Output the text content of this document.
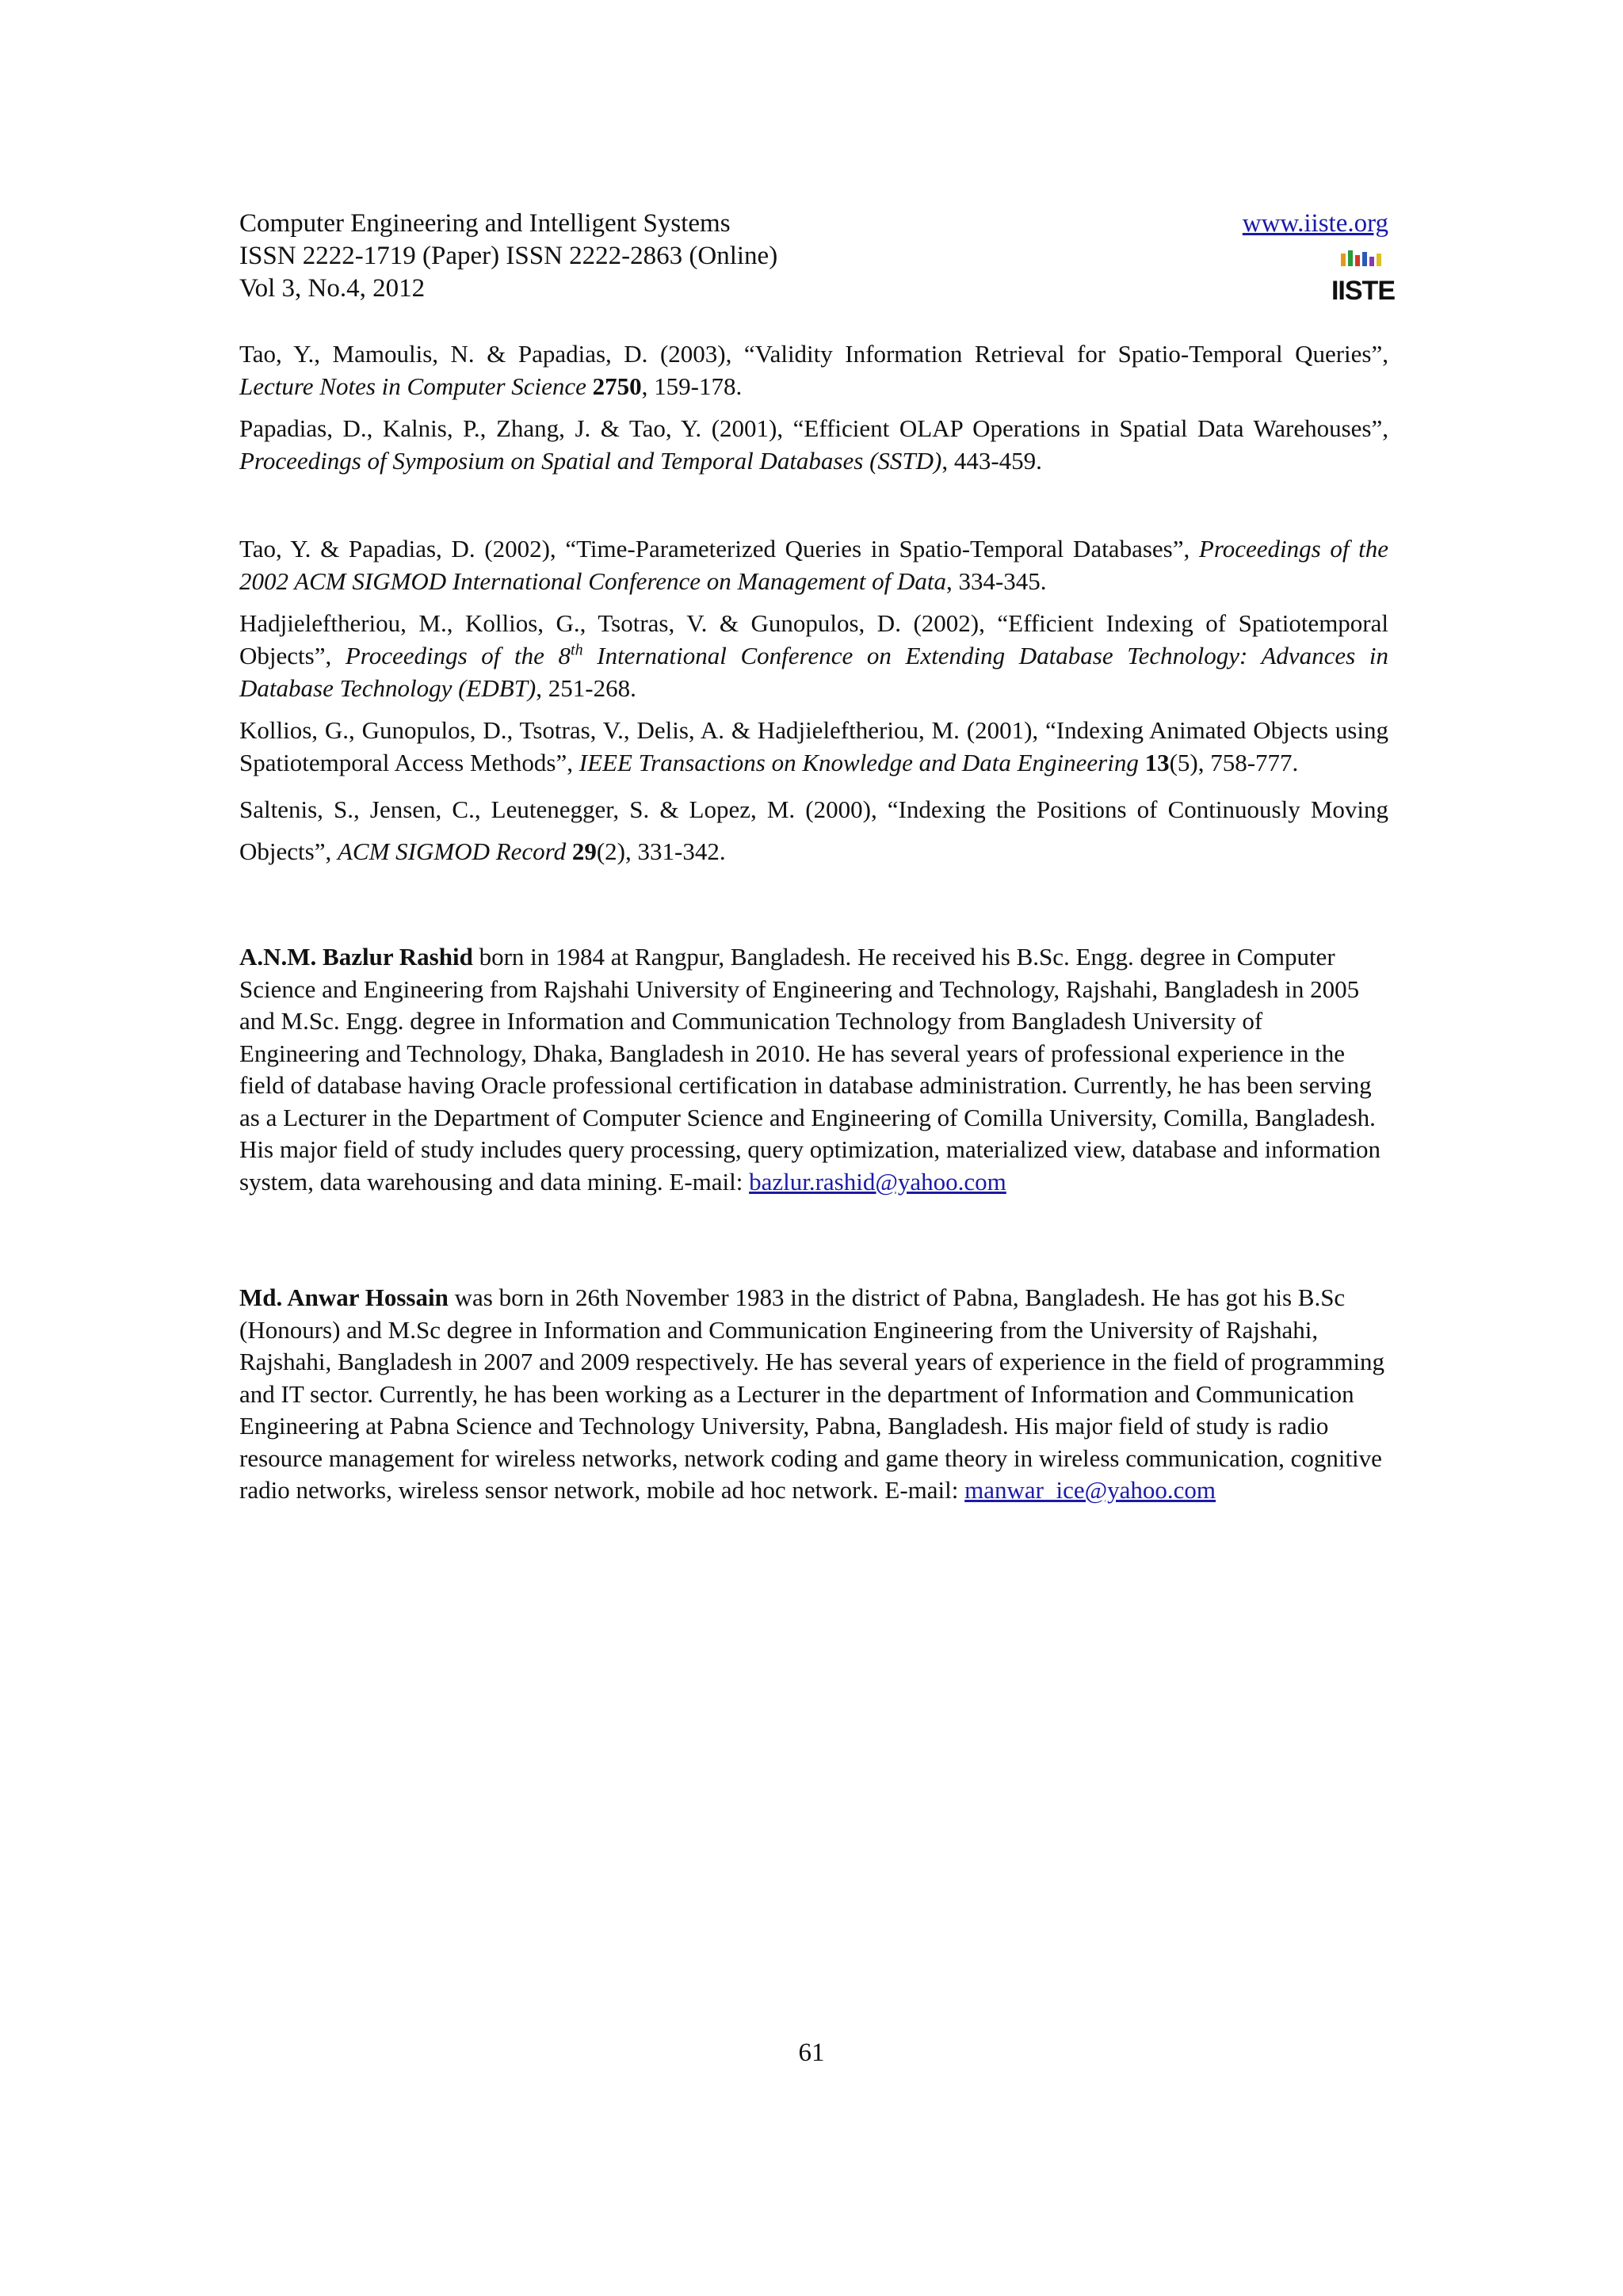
Computer Engineering and Intelligent Systems
ISSN 2222-1719 (Paper) ISSN 2222-2863 (Online)
Vol 3, No.4, 2012
www.iiste.org
IISTE

Tao, Y., Mamoulis, N. & Papadias, D. (2003), “Validity Information Retrieval for Spatio-Temporal Queries”, Lecture Notes in Computer Science 2750, 159-178.

Papadias, D., Kalnis, P., Zhang, J. & Tao, Y. (2001), “Efficient OLAP Operations in Spatial Data Warehouses”, Proceedings of Symposium on Spatial and Temporal Databases (SSTD), 443-459.

Tao, Y. & Papadias, D. (2002), “Time-Parameterized Queries in Spatio-Temporal Databases”, Proceedings of the 2002 ACM SIGMOD International Conference on Management of Data, 334-345.

Hadjieleftheriou, M., Kollios, G., Tsotras, V. & Gunopulos, D. (2002), “Efficient Indexing of Spatiotemporal Objects”, Proceedings of the 8th International Conference on Extending Database Technology: Advances in Database Technology (EDBT), 251-268.

Kollios, G., Gunopulos, D., Tsotras, V., Delis, A. & Hadjieleftheriou, M. (2001), “Indexing Animated Objects using Spatiotemporal Access Methods”, IEEE Transactions on Knowledge and Data Engineering 13(5), 758-777.

Saltenis, S., Jensen, C., Leutenegger, S. & Lopez, M. (2000), “Indexing the Positions of Continuously Moving Objects”, ACM SIGMOD Record 29(2), 331-342.

A.N.M. Bazlur Rashid born in 1984 at Rangpur, Bangladesh. He received his B.Sc. Engg. degree in Computer Science and Engineering from Rajshahi University of Engineering and Technology, Rajshahi, Bangladesh in 2005 and M.Sc. Engg. degree in Information and Communication Technology from Bangladesh University of Engineering and Technology, Dhaka, Bangladesh in 2010. He has several years of professional experience in the field of database having Oracle professional certification in database administration. Currently, he has been serving as a Lecturer in the Department of Computer Science and Engineering of Comilla University, Comilla, Bangladesh. His major field of study includes query processing, query optimization, materialized view, database and information system, data warehousing and data mining. E-mail: bazlur.rashid@yahoo.com

Md. Anwar Hossain was born in 26th November 1983 in the district of Pabna, Bangladesh. He has got his B.Sc (Honours) and M.Sc degree in Information and Communication Engineering from the University of Rajshahi, Rajshahi, Bangladesh in 2007 and 2009 respectively. He has several years of experience in the field of programming and IT sector. Currently, he has been working as a Lecturer in the department of Information and Communication Engineering at Pabna Science and Technology University, Pabna, Bangladesh. His major field of study is radio resource management for wireless networks, network coding and game theory in wireless communication, cognitive radio networks, wireless sensor network, mobile ad hoc network. E-mail: manwar_ice@yahoo.com

61
